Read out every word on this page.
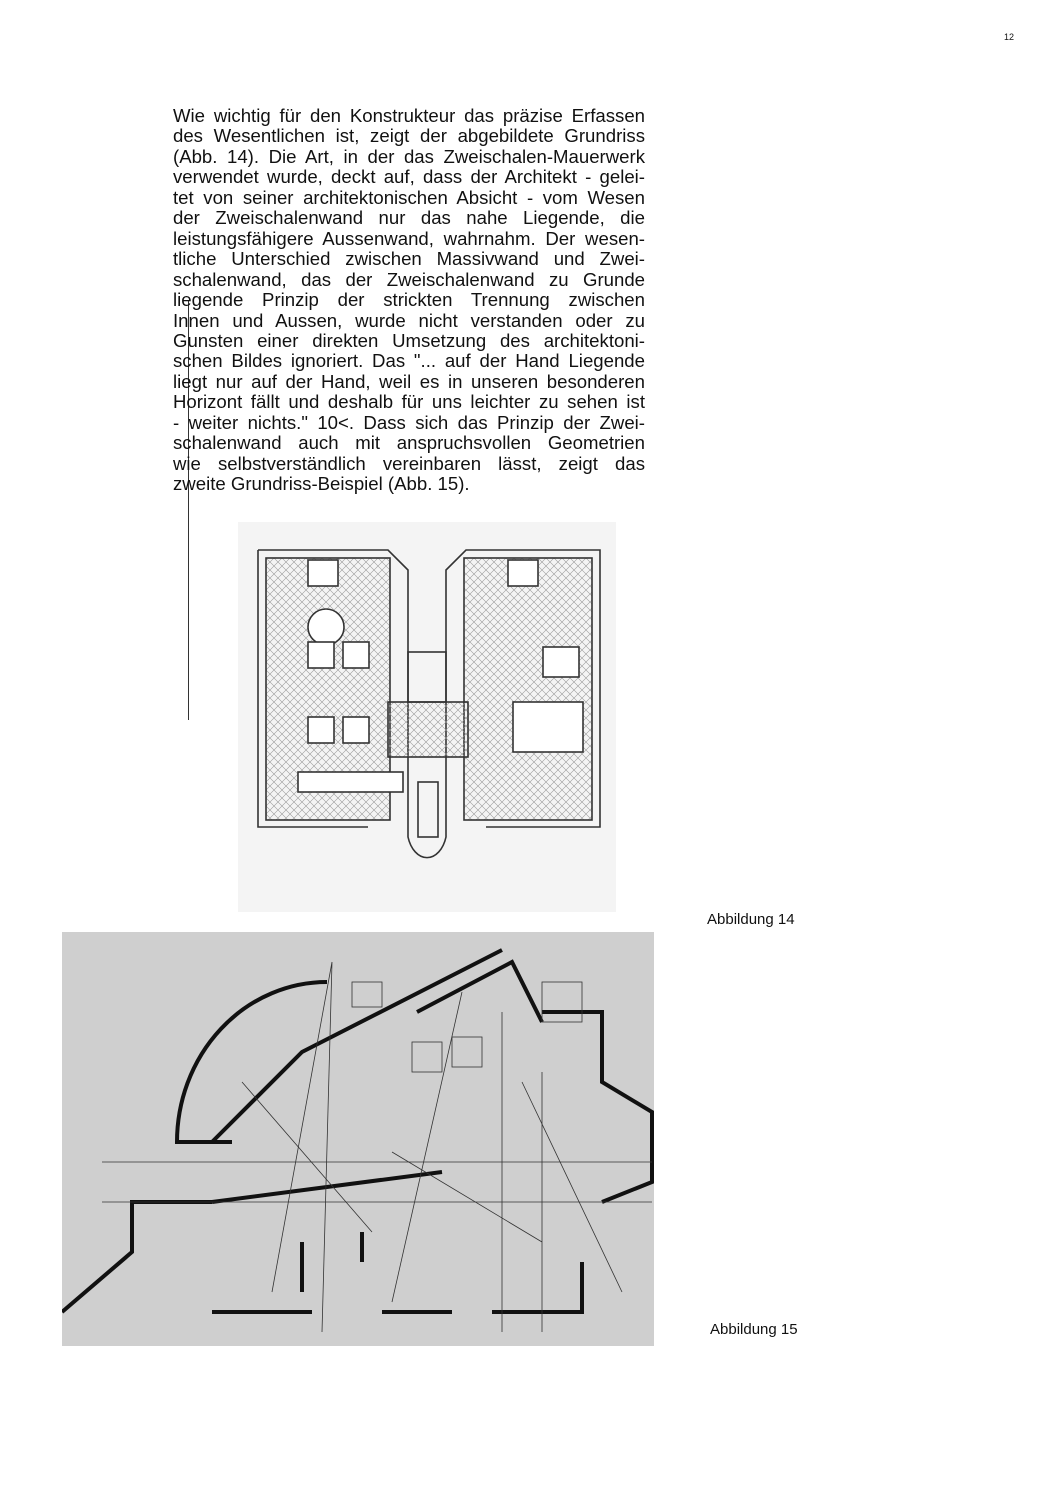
12
Wie wichtig für den Konstrukteur das präzise Erfassen
des Wesentlichen ist, zeigt der abgebildete Grundriss
(Abb. 14). Die Art, in der das Zweischalen-Mauerwerk
verwendet wurde, deckt auf, dass der Architekt - gelei-
tet von seiner architektonischen Absicht - vom Wesen
der Zweischalenwand nur das nahe Liegende, die
leistungsfähigere Aussenwand, wahrnahm. Der wesen-
tliche Unterschied zwischen Massivwand und Zwei-
schalenwand, das der Zweischalenwand zu Grunde
liegende Prinzip der strickten Trennung zwischen
Innen und Aussen, wurde nicht verstanden oder zu
Gunsten einer direkten Umsetzung des architektoni-
schen Bildes ignoriert. Das "... auf der Hand Liegende
liegt nur auf der Hand, weil es in unseren besonderen
Horizont fällt und deshalb für uns leichter zu sehen ist
- weiter nichts." 10<. Dass sich das Prinzip der Zwei-
schalenwand auch mit anspruchsvollen Geometrien
wie selbstverständlich vereinbaren lässt, zeigt das
zweite Grundriss-Beispiel (Abb. 15).
Abbildung 14
Abbildung 15
